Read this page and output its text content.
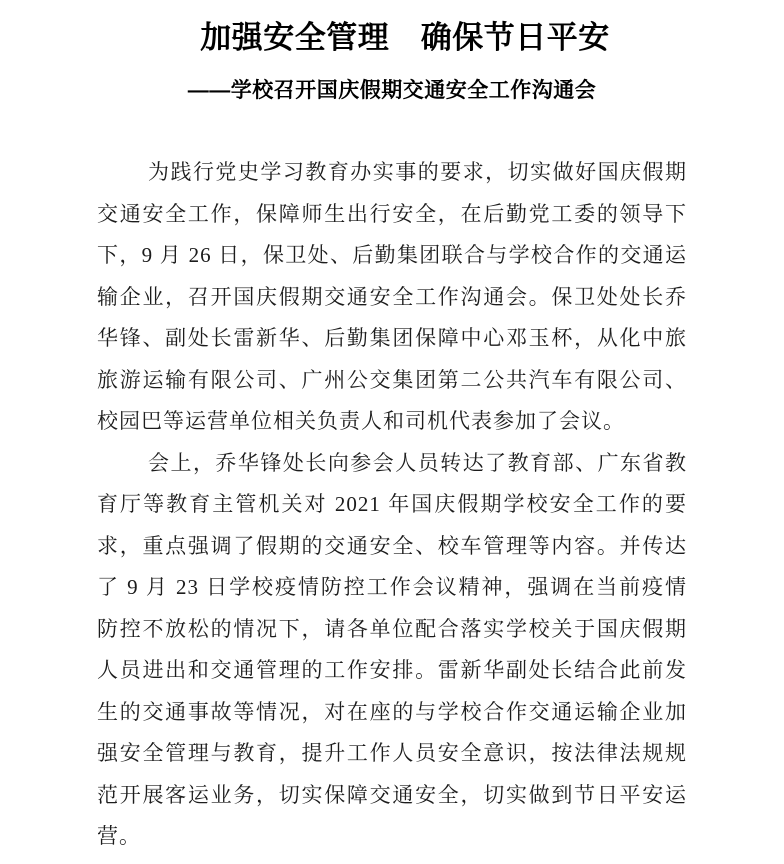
加强安全管理　确保节日平安
——学校召开国庆假期交通安全工作沟通会
为践行党史学习教育办实事的要求，切实做好国庆假期
交通安全工作，保障师生出行安全，在后勤党工委的领导下
下，9 月 26 日，保卫处、后勤集团联合与学校合作的交通运
输企业，召开国庆假期交通安全工作沟通会。保卫处处长乔
华锋、副处长雷新华、后勤集团保障中心邓玉杯，从化中旅
旅游运输有限公司、广州公交集团第二公共汽车有限公司、
校园巴等运营单位相关负责人和司机代表参加了会议。
会上，乔华锋处长向参会人员转达了教育部、广东省教
育厅等教育主管机关对 2021 年国庆假期学校安全工作的要
求，重点强调了假期的交通安全、校车管理等内容。并传达
了 9 月 23 日学校疫情防控工作会议精神，强调在当前疫情
防控不放松的情况下，请各单位配合落实学校关于国庆假期
人员进出和交通管理的工作安排。雷新华副处长结合此前发
生的交通事故等情况，对在座的与学校合作交通运输企业加
强安全管理与教育，提升工作人员安全意识，按法律法规规
范开展客运业务，切实保障交通安全，切实做到节日平安运
营。
